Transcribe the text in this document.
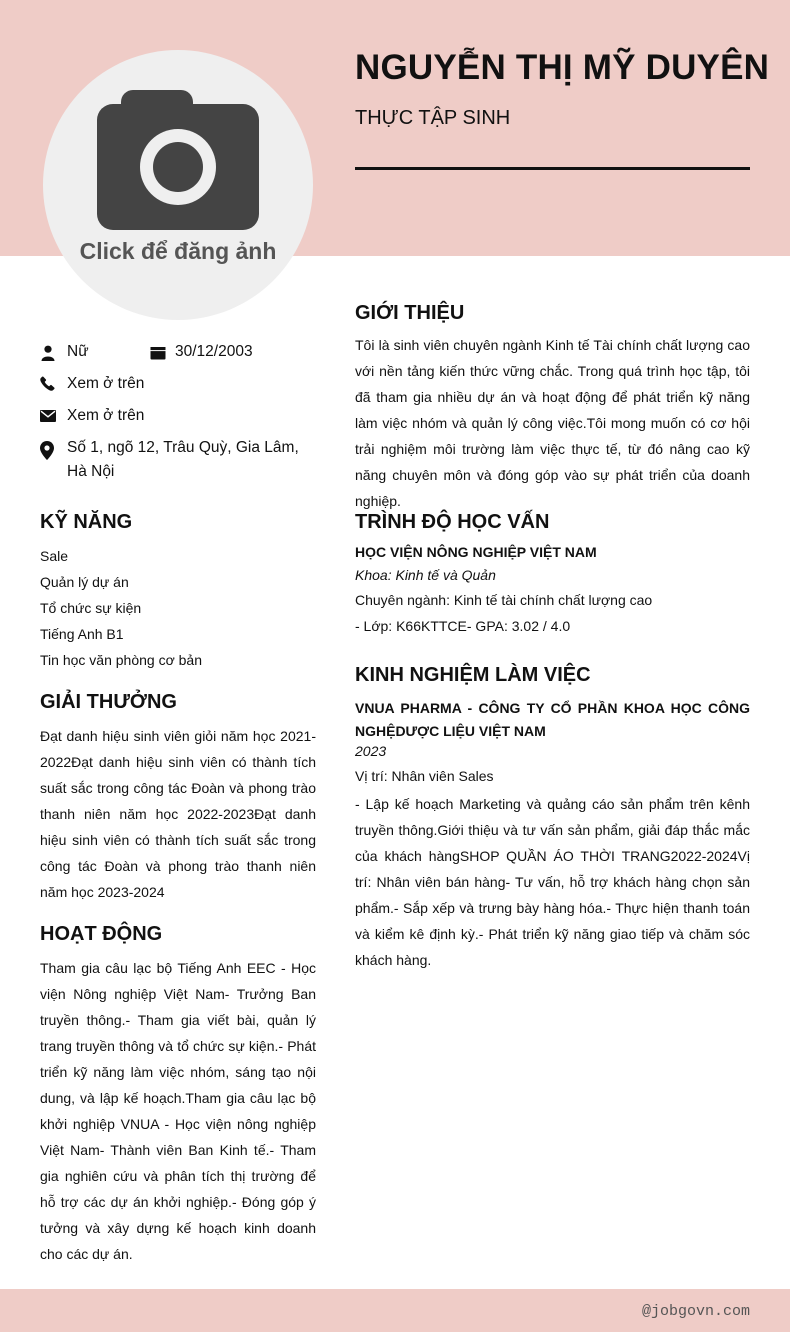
Click để đăng ảnh
NGUYỄN THỊ MỸ DUYÊN
THỰC TẬP SINH
Nữ	30/12/2003
Xem ở trên
Xem ở trên
Số 1, ngõ 12, Trâu Quỳ, Gia Lâm,
Hà Nội
KỸ NĂNG
Sale
Quản lý dự án
Tổ chức sự kiện
Tiếng Anh B1
Tin học văn phòng cơ bản
GIẢI THƯỞNG
Đạt danh hiệu sinh viên giỏi năm học 2021-2022Đạt danh hiệu sinh viên có thành tích suất sắc trong công tác Đoàn và phong trào thanh niên năm học 2022-2023Đạt danh hiệu sinh viên có thành tích suất sắc trong công tác Đoàn và phong trào thanh niên năm học 2023-2024
HOẠT ĐỘNG
Tham gia câu lạc bộ Tiếng Anh EEC - Học viện Nông nghiệp Việt Nam- Trưởng Ban truyền thông.- Tham gia viết bài, quản lý trang truyền thông và tổ chức sự kiện.- Phát triển kỹ năng làm việc nhóm, sáng tạo nội dung, và lập kế hoạch.Tham gia câu lạc bộ khởi nghiệp VNUA - Học viện nông nghiệp Việt Nam- Thành viên Ban Kinh tế.- Tham gia nghiên cứu và phân tích thị trường để hỗ trợ các dự án khởi nghiệp.- Đóng góp ý tưởng và xây dựng kế hoạch kinh doanh cho các dự án.
GIỚI THIỆU
Tôi là sinh viên chuyên ngành Kinh tế Tài chính chất lượng cao với nền tảng kiến thức vững chắc. Trong quá trình học tập, tôi đã tham gia nhiều dự án và hoạt động để phát triển kỹ năng làm việc nhóm và quản lý công việc.Tôi mong muốn có cơ hội trải nghiệm môi trường làm việc thực tế, từ đó nâng cao kỹ năng chuyên môn và đóng góp vào sự phát triển của doanh nghiệp.
TRÌNH ĐỘ HỌC VẤN
HỌC VIỆN NÔNG NGHIỆP VIỆT NAM
Khoa: Kinh tế và Quản
Chuyên ngành: Kinh tế tài chính chất lượng cao
- Lớp: K66KTTCE- GPA: 3.02 / 4.0
KINH NGHIỆM LÀM VIỆC
VNUA PHARMA - CÔNG TY CỔ PHẦN KHOA HỌC CÔNG NGHỆDƯỢC LIỆU VIỆT NAM
2023
Vị trí: Nhân viên Sales
- Lập kế hoạch Marketing và quảng cáo sản phẩm trên kênh truyền thông.Giới thiệu và tư vấn sản phẩm, giải đáp thắc mắc của khách hàngSHOP QUẦN ÁO THỜI TRANG2022-2024Vị trí: Nhân viên bán hàng- Tư vấn, hỗ trợ khách hàng chọn sản phẩm.- Sắp xếp và trưng bày hàng hóa.- Thực hiện thanh toán và kiểm kê định kỳ.- Phát triển kỹ năng giao tiếp và chăm sóc khách hàng.
@jobgovn.com
